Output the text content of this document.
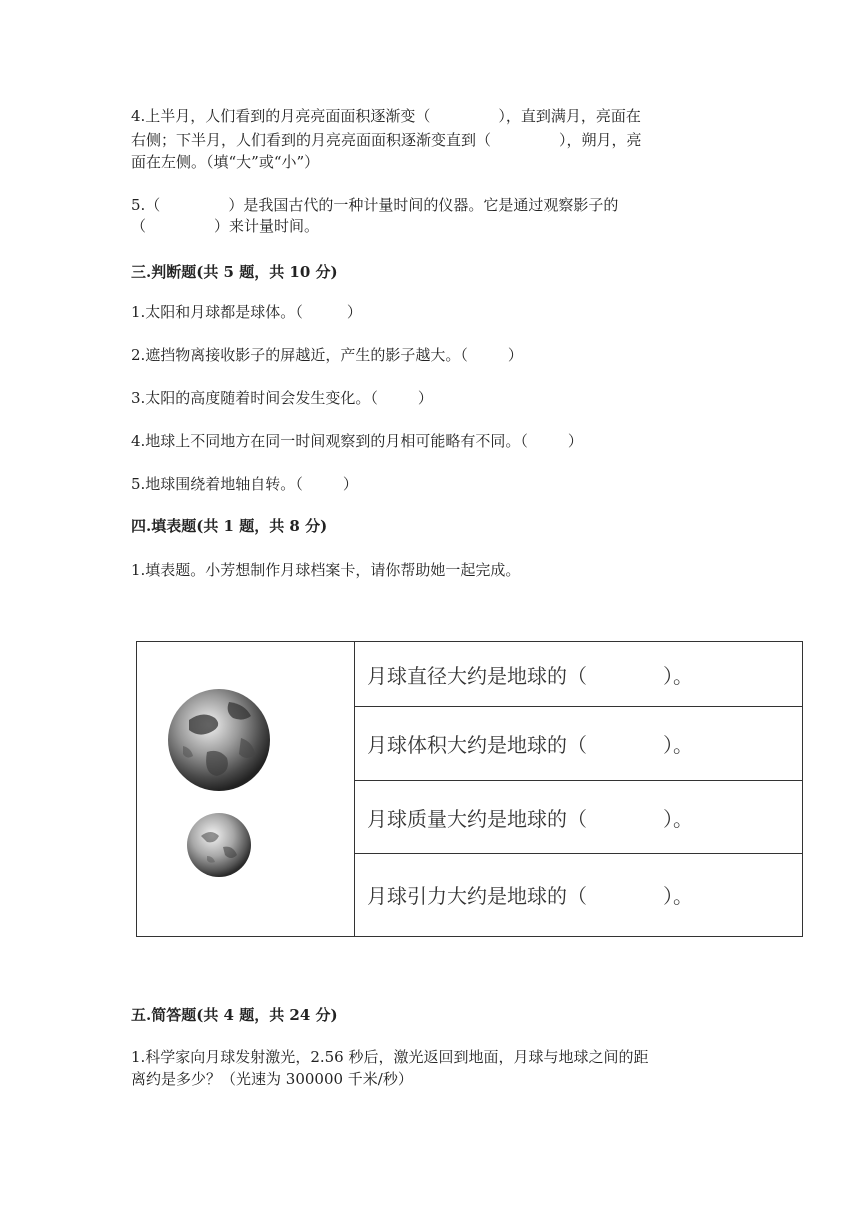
4.上半月，人们看到的月亮亮面面积逐渐变（	），直到满月，亮面在
右侧；下半月，人们看到的月亮亮面面积逐渐变直到（	），朔月，亮
面在左侧。（填“大”或“小”）
5.（	）是我国古代的一种计量时间的仪器。它是通过观察影子的
（	）来计量时间。
三.判断题(共 5 题，共 10 分)
1.太阳和月球都是球体。（	）
2.遮挡物离接收影子的屏越近，产生的影子越大。（	）
3.太阳的高度随着时间会发生变化。（	）
4.地球上不同地方在同一时间观察到的月相可能略有不同。（	）
5.地球围绕着地轴自转。（	）
四.填表题(共 1 题，共 8 分)
1.填表题。小芳想制作月球档案卡，请你帮助她一起完成。
月球直径大约是地球的（	）。
月球体积大约是地球的（	）。
月球质量大约是地球的（	）。
月球引力大约是地球的（	）。
五.简答题(共 4 题，共 24 分)
1.科学家向月球发射激光，2.56 秒后，激光返回到地面，月球与地球之间的距
离约是多少？（光速为 300000 千米/秒）
